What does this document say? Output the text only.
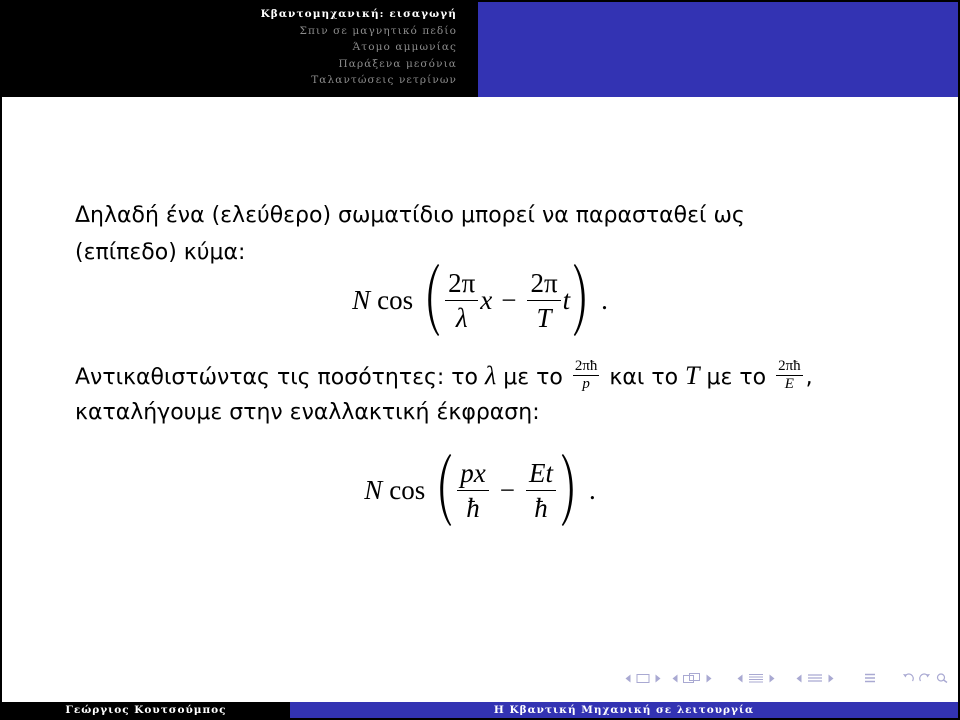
Κβαντομηχανική: εισαγωγή
Σπιν σε μαγνητικό πεδίο
Άτομο αμμωνίας
Παράξενα μεσόνια
Ταλαντώσεις νετρίνων
Δηλαδή ένα (ελεύθερο) σωματίδιο μπορεί να παρασταθεί ως
(επίπεδο) κύμα:
N $\cos \frac{2\pi}{\lambda}$ $x - \frac{2\pi}{T}$ t .
Αντικαθιστώντας τις ποσότητες: το λ με το $\frac{2\pi ħ}{p}$ και το T με το $\frac{2\pi ħ}{E}$ ,
καταλήγουμε στην εναλλακτική έκφραση:
N $\cos \frac{px}{ħ} - \frac{Et}{ħ}$ .
Γεώργιος Κουτσούμπος	Η Κβαντική Μηχανική σε λειτουργία
